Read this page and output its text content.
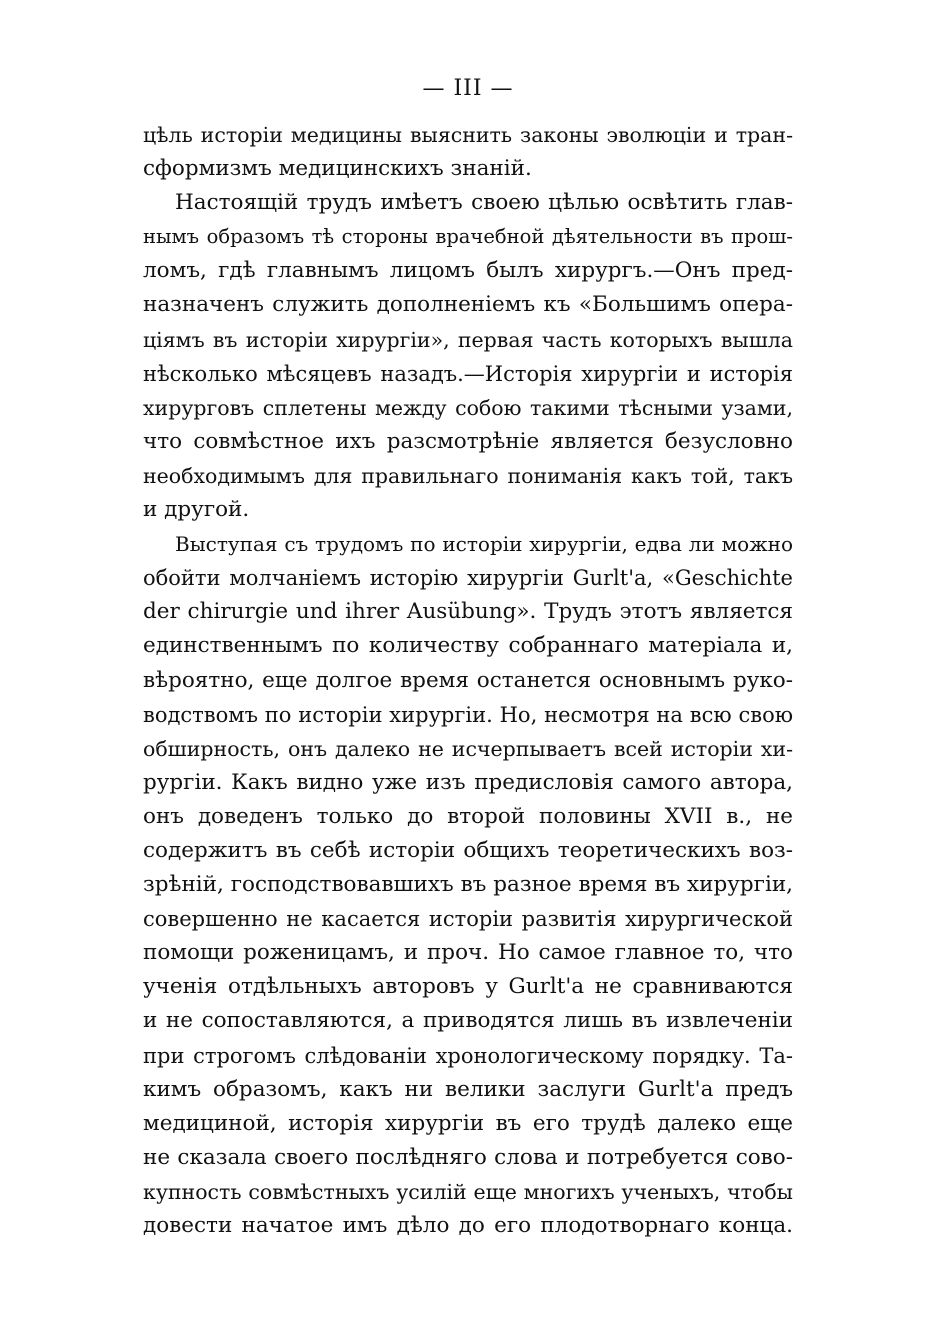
— III —
цѣль исторіи медицины выяснить законы эволюціи и тран-
сформизмъ медицинскихъ знаній.
Настоящій трудъ имѣетъ своею цѣлью освѣтить глав-
нымъ образомъ тѣ стороны врачебной дѣятельности въ прош-
ломъ, гдѣ главнымъ лицомъ былъ хирургъ.—Онъ пред-
назначенъ служить дополненіемъ къ «Большимъ опера-
ціямъ въ исторіи хирургіи», первая часть которыхъ вышла
нѣсколько мѣсяцевъ назадъ.—Исторія хирургіи и исторія
хирурговъ сплетены между собою такими тѣсными узами,
что совмѣстное ихъ разсмотрѣніе является безусловно
необходимымъ для правильнаго пониманія какъ той, такъ
и другой.
Выступая съ трудомъ по исторіи хирургіи, едва ли можно
обойти молчаніемъ исторію хирургіи Gurlt'a, «Geschichte
der chirurgie und ihrer Ausübung». Трудъ этотъ является
единственнымъ по количеству собраннаго матеріала и,
вѣроятно, еще долгое время останется основнымъ руко-
водствомъ по исторіи хирургіи. Но, несмотря на всю свою
обширность, онъ далеко не исчерпываетъ всей исторіи хи-
рургіи. Какъ видно уже изъ предисловія самого автора,
онъ доведенъ только до второй половины XVII в., не
содержитъ въ себѣ исторіи общихъ теоретическихъ воз-
зрѣній, господствовавшихъ въ разное время въ хирургіи,
совершенно не касается исторіи развитія хирургической
помощи роженицамъ, и проч. Но самое главное то, что
ученія отдѣльныхъ авторовъ у Gurlt'a не сравниваются
и не сопоставляются, а приводятся лишь въ извлеченіи
при строгомъ слѣдованіи хронологическому порядку. Та-
кимъ образомъ, какъ ни велики заслуги Gurlt'a предъ
медициной, исторія хирургіи въ его трудѣ далеко еще
не сказала своего послѣдняго слова и потребуется сово-
купность совмѣстныхъ усилій еще многихъ ученыхъ, чтобы
довести начатое имъ дѣло до его плодотворнаго конца.
